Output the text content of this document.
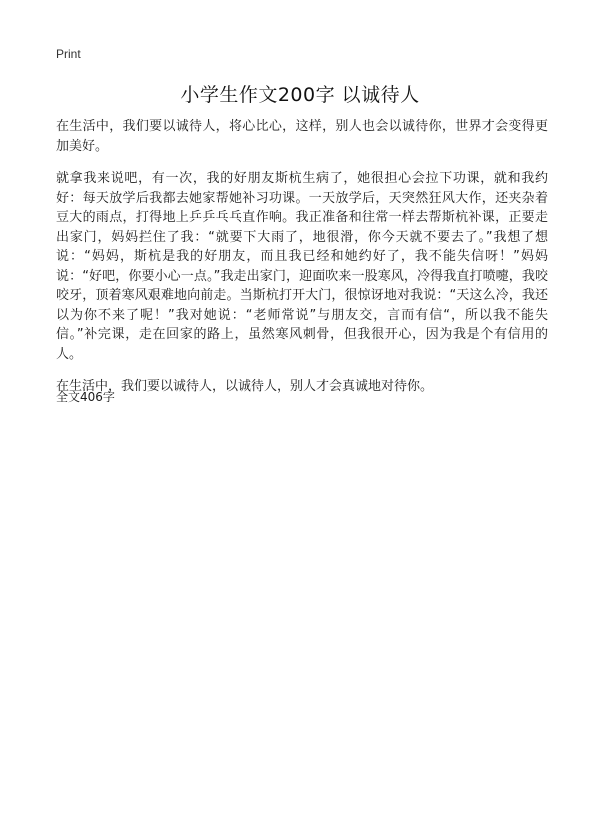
Print
小学生作文200字 以诚待人

在生活中，我们要以诚待人，将心比心，这样，别人也会以诚待你，世界才会变得更加美好。

就拿我来说吧，有一次，我的好朋友斯杭生病了，她很担心会拉下功课，就和我约好：每天放学后我都去她家帮她补习功课。一天放学后，天突然狂风大作，还夹杂着豆大的雨点，打得地上乒乒乓乓直作响。我正准备和往常一样去帮斯杭补课，正要走出家门，妈妈拦住了我：“就要下大雨了，地很滑，你今天就不要去了。”我想了想说：“妈妈，斯杭是我的好朋友，而且我已经和她约好了，我不能失信呀！”妈妈说：“好吧，你要小心一点。”我走出家门，迎面吹来一股寒风，冷得我直打喷嚏，我咬咬牙，顶着寒风艰难地向前走。当斯杭打开大门，很惊讶地对我说：“天这么冷，我还以为你不来了呢！”我对她说：“老师常说”与朋友交，言而有信“，所以我不能失信。”补完课，走在回家的路上，虽然寒风刺骨，但我很开心，因为我是个有信用的人。

在生活中，我们要以诚待人，以诚待人，别人才会真诚地对待你。

全文406字
